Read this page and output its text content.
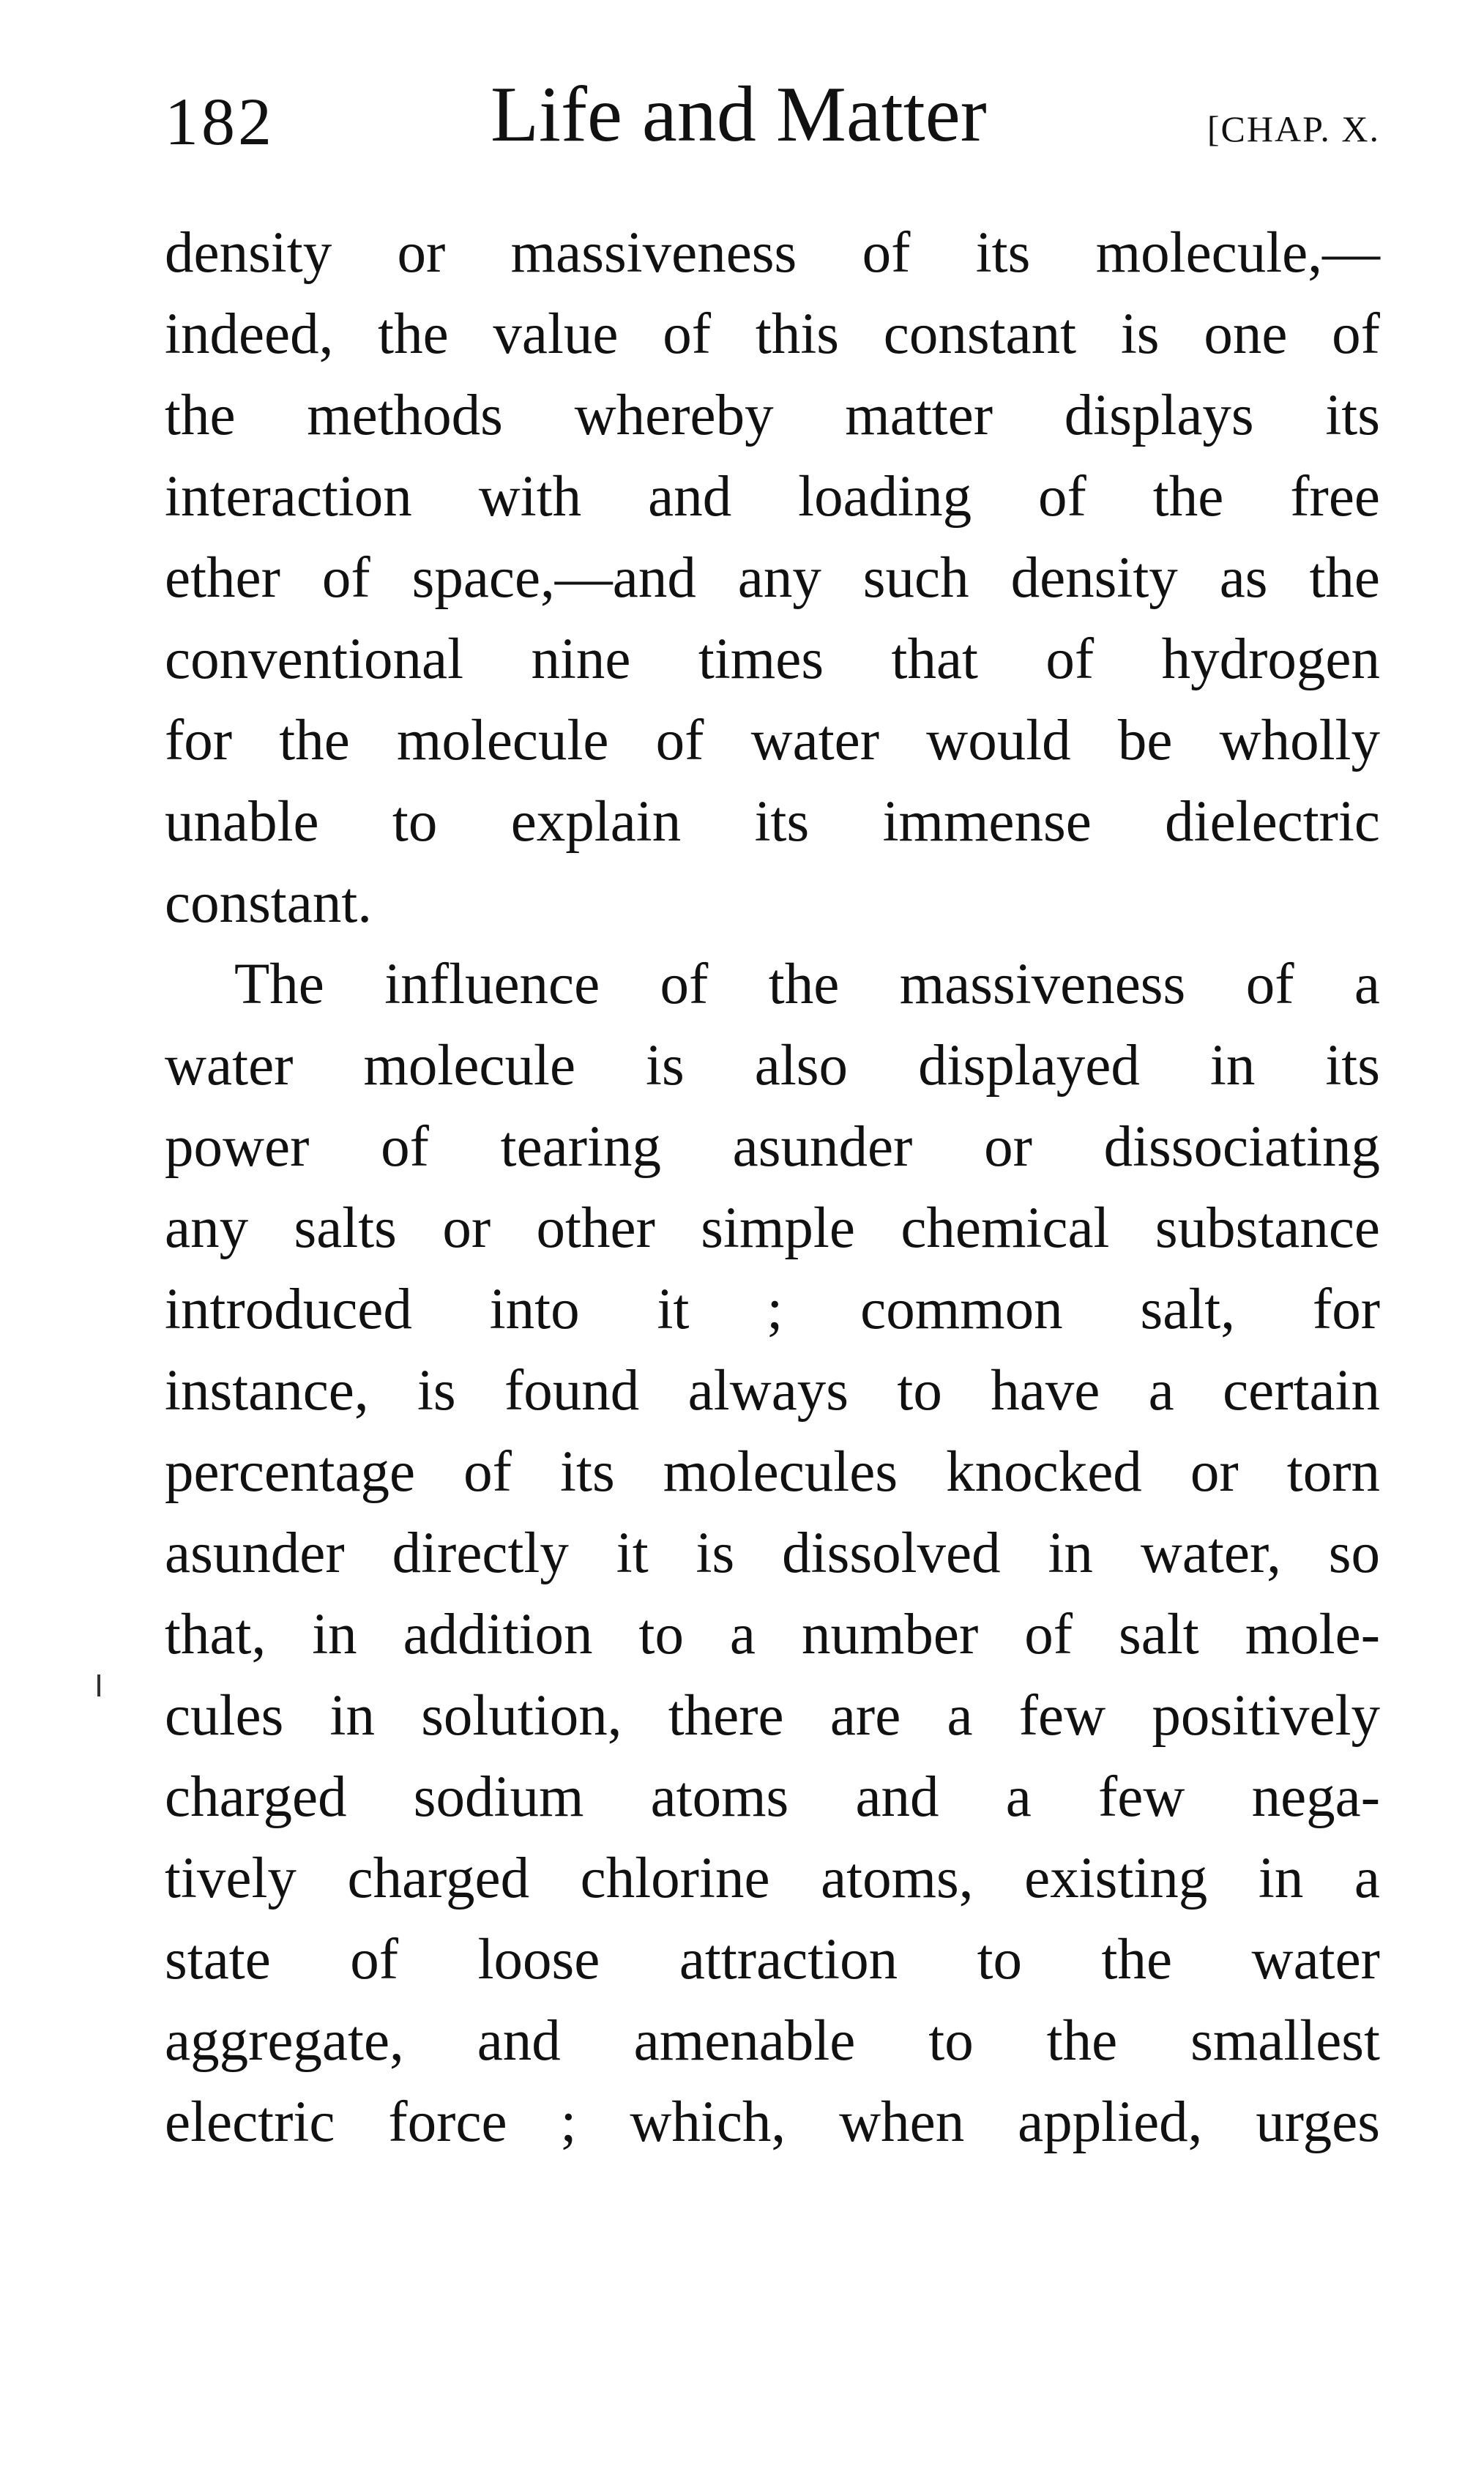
182	Life and Matter	[CHAP. X.
density or massiveness of its molecule,—
indeed, the value of this constant is one of
the methods whereby matter displays its
interaction with and loading of the free
ether of space,—and any such density as the
conventional nine times that of hydrogen
for the molecule of water would be wholly
unable to explain its immense dielectric
constant.
The influence of the massiveness of a
water molecule is also displayed in its
power of tearing asunder or dissociating
any salts or other simple chemical substance
introduced into it ; common salt, for
instance, is found always to have a certain
percentage of its molecules knocked or torn
asunder directly it is dissolved in water, so
that, in addition to a number of salt mole-
cules in solution, there are a few positively
charged sodium atoms and a few nega-
tively charged chlorine atoms, existing in a
state of loose attraction to the water
aggregate, and amenable to the smallest
electric force ; which, when applied, urges
